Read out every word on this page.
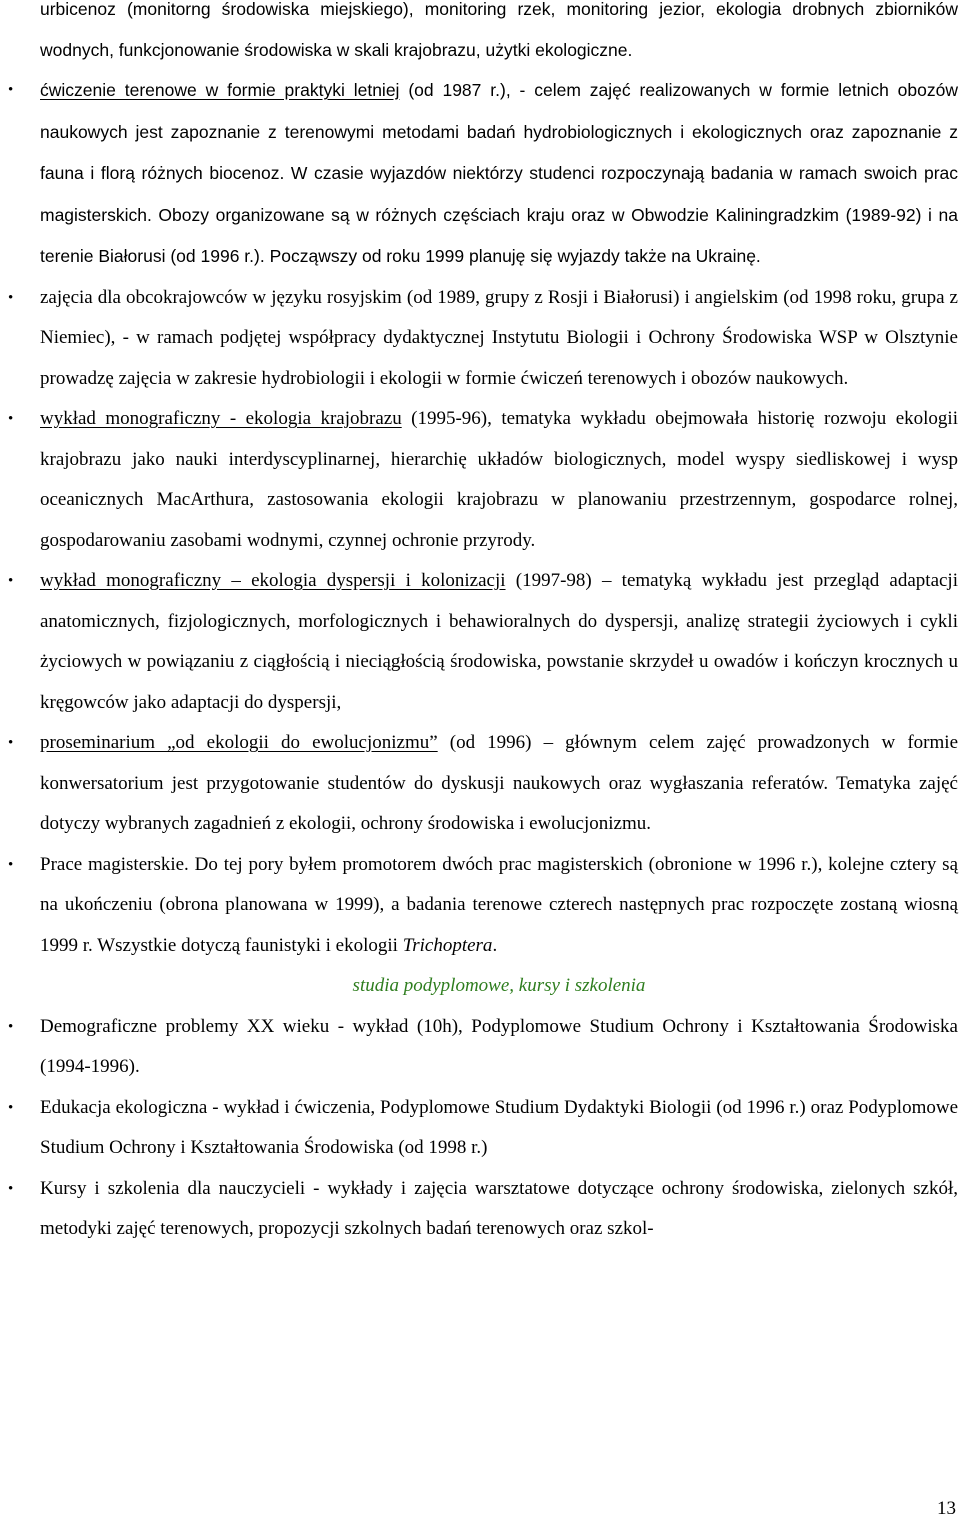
urbicenoz (monitorng środowiska miejskiego), monitoring rzek, monitoring jezior, ekologia drobnych zbiorników wodnych, funkcjonowanie środowiska w skali krajobrazu, użytki ekologiczne.

• ćwiczenie terenowe w formie praktyki letniej (od 1987 r.), - celem zajęć realizowanych w formie letnich obozów naukowych jest zapoznanie z terenowymi metodami badań hydrobiologicznych i ekologicznych oraz zapoznanie z fauna i florą różnych biocenoz. W czasie wyjazdów niektórzy studenci rozpoczynają badania w ramach swoich prac magisterskich. Obozy organizowane są w różnych częściach kraju oraz w Obwodzie Kaliningradzkim (1989-92) i na terenie Białorusi (od 1996 r.). Począwszy od roku 1999 planuję się wyjazdy także na Ukrainę.
• zajęcia dla obcokrajowców w języku rosyjskim (od 1989, grupy z Rosji i Białorusi) i angielskim (od 1998 roku, grupa z Niemiec), - w ramach podjętej współpracy dydaktycznej Instytutu Biologii i Ochrony Środowiska WSP w Olsztynie prowadzę zajęcia w zakresie hydrobiologii i ekologii w formie ćwiczeń terenowych i obozów naukowych.
• wykład monograficzny - ekologia krajobrazu (1995-96), tematyka wykładu obejmowała historię rozwoju ekologii krajobrazu jako nauki interdyscyplinarnej, hierarchię układów biologicznych, model wyspy siedliskowej i wysp oceanicznych MacArthura, zastosowania ekologii krajobrazu w planowaniu przestrzennym, gospodarce rolnej, gospodarowaniu zasobami wodnymi, czynnej ochronie przyrody.
• wykład monograficzny – ekologia dyspersji i kolonizacji (1997-98) – tematyką wykładu jest przegląd adaptacji anatomicznych, fizjologicznych, morfologicznych i behawioralnych do dyspersji, analizę strategii życiowych i cykli życiowych w powiązaniu z ciągłością i nieciągłością środowiska, powstanie skrzydeł u owadów i kończyn krocznych u kręgowców jako adaptacji do dyspersji,
• proseminarium „od ekologii do ewolucjonizmu” (od 1996) – głównym celem zajęć prowadzonych w formie konwersatorium jest przygotowanie studentów do dyskusji naukowych oraz wygłaszania referatów. Tematyka zajęć dotyczy wybranych zagadnień z ekologii, ochrony środowiska i ewolucjonizmu.
• Prace magisterskie. Do tej pory byłem promotorem dwóch prac magisterskich (obronione w 1996 r.), kolejne cztery są na ukończeniu (obrona planowana w 1999), a badania terenowe czterech następnych prac rozpoczęte zostaną wiosną 1999 r. Wszystkie dotyczą faunistyki i ekologii Trichoptera.

studia podyplomowe, kursy i szkolenia

• Demograficzne problemy XX wieku - wykład (10h), Podyplomowe Studium Ochrony i Kształtowania Środowiska (1994-1996).
• Edukacja ekologiczna - wykład i ćwiczenia, Podyplomowe Studium Dydaktyki Biologii (od 1996 r.) oraz Podyplomowe Studium Ochrony i Kształtowania Środowiska (od 1998 r.)
• Kursy i szkolenia dla nauczycieli - wykłady i zajęcia warsztatowe dotyczące ochrony środowiska, zielonych szkół, metodyki zajęć terenowych, propozycji szkolnych badań terenowych oraz szkol-
13
